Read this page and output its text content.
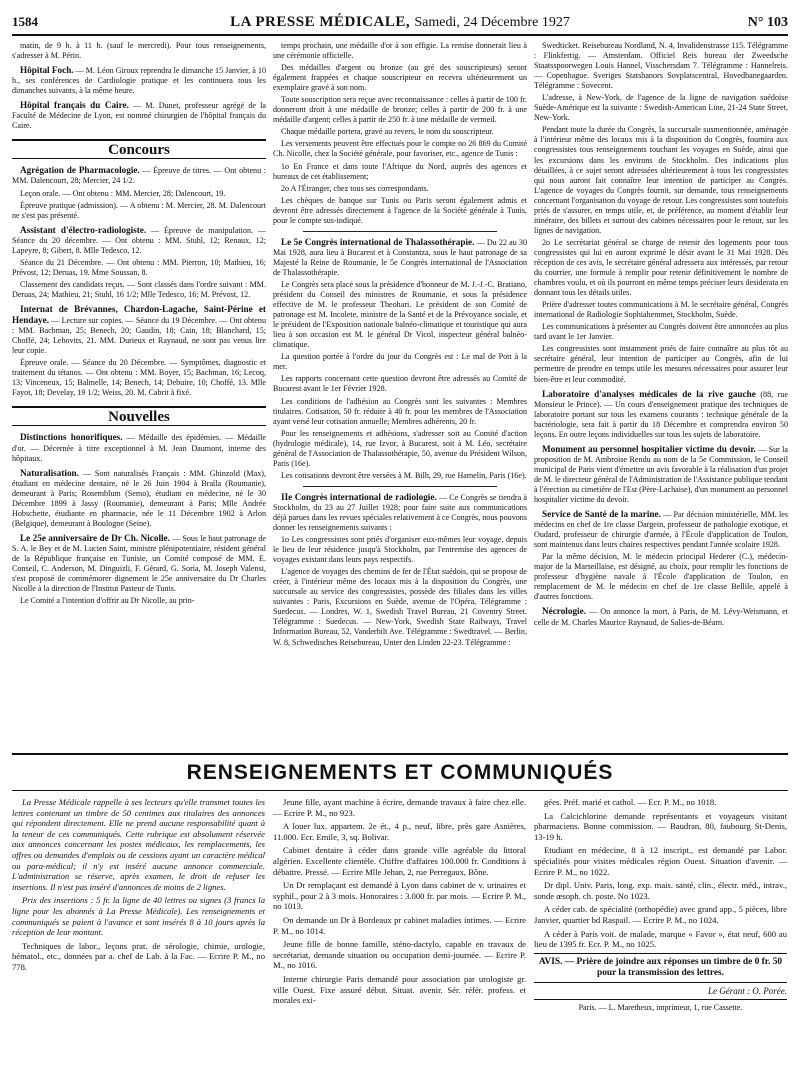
1584	LA PRESSE MÉDICALE, Samedi, 24 Décembre 1927	N° 103

matin, de 9 h. à 11 h. (sauf le mercredi). Pour tous renseignements, s'adresser à M. Périn.

Hôpital Foch. — M. Léon Giroux reprendra le dimanche 15 Janvier, à 10 h., ses conférences de Cardiologie pratique et les continuera tous les dimanches suivants, à la même heure.

Hôpital français du Caire. — M. Dunet, professeur agrégé de la Faculté de Médecine de Lyon, est nommé chirurgien de l'hôpital français du Caire.

Concours

Agrégation de Pharmacologie. — Épreuve de titres. — Ont obtenu : MM. Dalencourt, 28; Mercier, 24 1/2.

Leçon orale. — Ont obtenu : MM. Mercier, 28; Dalencourt, 19.

Épreuve pratique (admission). — A obtenu : M. Mercier, 28. M. Dalencourt ne s'est pas présenté.

Assistant d'électro-radiologiste. — Épreuve de manipulation. — Séance du 20 décembre. — Ont obtenu : MM. Stuhl, 12; Renaux, 12; Lapeyre, 8; Gibert, 8. Mlle Tedesco, 12.

Séance du 21 Décembre. — Ont obtenu : MM. Pierron, 10; Mathieu, 16; Prévost, 12; Deruas, 19. Mme Soussan, 8.

Classement des candidats reçus. — Sont classés dans l'ordre suivant : MM. Deruas, 24; Mathieu, 21; Stuhl, 16 1/2; Mlle Tedesco, 16; M. Prévost, 12.

Internat de Brévannes, Chardon-Lagache, Saint-Périne et Hendaye. — Lecture sur copies. — Séance du 19 Décembre. — Ont obtenu : MM. Bachman, 25; Benech, 20; Gaudin, 18; Cain, 18; Blanchard, 15; Choffé, 24; Lebovits, 21. MM. Durieux et Raynaud, ne sont pas venus lire leur copie.

Épreuve orale. — Séance du 20 Décembre. — Symptômes, diagnostic et traitement du tétanos. — Ont obtenu : MM. Boyer, 15; Bachman, 16; Lecoq, 13; Vinceneux, 15; Balmelle, 14; Benech, 14; Debuire, 10; Choffé, 13. Mlle Fayot, 18; Develay, 19 1/2; Weiss, 20. M. Cabrit à fixé.

Nouvelles

Distinctions honorifiques. — Médaille des épidémies. — Médaille d'or. — Décernée à titre exceptionnel à M. Jean Daumont, interne des hôpitaux.

Naturalisation. — Sont naturalisés Français : MM. Ghinzold (Max), étudiant en médecine dentaire, né le 26 Juin 1904 à Braïla (Roumanie), demeurant à Paris; Rosemblum (Semo), étudiant en médecine, né le 30 Décembre 1899 à Jassy (Roumanie), demeurant à Paris; Mlle Andrée Hobschette, étudiante en pharmacie, née le 11 Décembre 1902 à Arlon (Belgique), demeurant à Boulogne (Seine).

Le 25e anniversaire de Dr Ch. Nicolle. — Sous le haut patronage de S. A. le Bey et de M. Lucien Saint, ministre plénipotentiaire, résident général de la République française en Tunisie, un Comité composé de MM. E. Conseil, C. Anderson, M. Dinguizli, F. Gérard, G. Soria, M. Joseph Valensi, s'est proposé de commémorer dignement le 25e anniversaire du Dr Charles Nicolle à la direction de l'Institut Pasteur de Tunis.

Le Comité a l'intention d'offrir au Dr Nicolle, au prin-

temps prochain, une médaille d'or à son effigie. La remise donnerait lieu à une cérémonie officielle.

Des médailles d'argent ou bronze (au gré des souscripteurs) seront également frappées et chaque souscripteur en recevra ultérieurement un exemplaire gravé à son nom.

Toute souscription sera reçue avec reconnaissance : celles à partir de 100 fr. donneront droit à une médaille de bronze; celles à partir de 200 fr. à une médaille d'argent; celles à partir de 250 fr. à une médaille de vermeil.

Chaque médaille portera, gravé au revers, le nom du souscripteur.

Les versements peuvent être effectués pour le compte no 26 869 du Comité Ch. Nicolle, chez la Société générale, pour favoriser, etc., agence de Tunis :

1o En France et dans toute l'Afrique du Nord, auprès des agences et bureaux de cet établissement;

2o A l'Étranger, chez tous ses correspondants.

Les chèques de banque sur Tunis ou Paris seront également admis et devront être adressés directement à l'agence de la Société générale à Tunis, pour le compte sus-indiqué.

Le 5e Congrès international de Thalassothérapie. — Du 22 au 30 Mai 1928, aura lieu à Bucarest et à Constantza, sous le haut patronage de sa Majesté la Reine de Roumanie, le 5e Congrès international de l'Association de Thalassothérapie.

Le Congrès sera placé sous la présidence d'honneur de M. J.-J.-C. Bratiano, président du Conseil des ministres de Roumanie, et sous la présidence effective de M. le professeur Theohari. Le président de son Comité de patronage est M. Incolete, ministre de la Santé et de la Prévoyance sociale, et le président de l'Exposition nationale balnéo-climatique et touristique qui aura lieu à son occasion est M. le général Dr Vicol, inspecteur général balnéo-climatique.

La question portée à l'ordre du jour du Congrès est : Le mal de Pott à la mer.

Les rapports concernant cette question devront être adressés au Comité de Bucarest avant le 1er Février 1928.

Les conditions de l'adhésion au Congrès sont les suivantes : Membres titulaires. Cotisation, 50 fr. réduite à 40 fr. pour les membres de l'Association ayant versé leur cotisation annuelle; Membres adhérents, 20 fr.

Pour les renseignements et adhésions, s'adresser soit au Comité d'action (hydrologie médicale), 14, rue Izvor, à Bucarest, soit à M. Léo, secrétaire général de l'Association de Thalassothérapie, 50, avenue du Président Wilson, Paris (16e).

Les cotisations devront être versées à M. Bilh, 29, rue Hamelin, Paris (16e).

IIe Congrès international de radiologie. — Ce Congrès se tiendra à Stockholm, du 23 au 27 Juillet 1928; pour faire suite aux communications déjà parues dans les revues spéciales relativement à ce Congrès, nous pouvons donner les renseignements suivants :

1o Les congressistes sont priés d'organiser eux-mêmes leur voyage, depuis le lieu de leur résidence jusqu'à Stockholm, par l'entremise des agences de voyages existant dans leurs pays respectifs.

L'agence de voyages des chemins de fer de l'État suédois, qui se propose de créer, à l'intérieur même des locaux mis à la disposition du Congrès, une succursale au service des congressistes, possède des filiales dans les villes suivantes : Paris, Excursions en Suède, avenue de l'Opéra, Télégramme : Suedecus. — Londres, W. 1, Swedish Travel Bureau, 21 Coventry Street. Télégramme : Suedecus. — New-York, Swedish State Railways, Travel Information Bureau, 52, Vanderbilt Ave. Télégramme : Swedtravel. — Berlin, W. 8, Schwedisches Reisebureau, Unter den Linden 22-23. Télégramme :

Swedticket. Reisebureau Nordland, N. 4, Invalidenstrasse 115. Télégramme : Flinkfertig. — Amsterdam. Officiel Reis bureau der Zweedsche Staatsspoorwegen Louis Hannel, Visschersdam 7. Télégramme : Hannelreis. — Copenhague. Sveriges Statsbanors Sovplatscentral, Hovedbanegaarden. Télégramme : Sovecent.

L'adresse, à New-York, de l'agence de la ligne de navigation suédoise Suède-Amérique est la suivante : Swedish-American Line, 21-24 State Street, New-York.

Pendant toute la durée du Congrès, la succursale susmentionnée, aménagée à l'intérieur même des locaux mis à la disposition du Congrès, fournira aux congressistes tous renseignements touchant les voyages en Suède, ainsi que les excursions dans les environs de Stockholm. Des indications plus détaillées, à ce sujet seront adressées ultérieurement à tous les congressistes qui nous auront fait connaître leur intention de participer au Congrès. L'agence de voyages du Congrès fournit, sur demande, tous renseignements concernant l'organisation du voyage de retour. Les congressistes sont toutefois priés de s'assurer, en temps utile, et, de préférence, au moment d'établir leur itinéraire, des billets et surtout des cabines nécessaires pour le retour, sur les lignes de navigation.

2o Le secrétariat général se charge de retenir des logements pour tous congressistes qui lui en auront exprimé le désir avant le 31 Mai 1928. Dès réception de ces avis, le secrétaire général adressera aux intéressés, par retour du courrier, une formule à remplir pour retenir définitivement le nombre de chambres voulu, et où ils pourront en même temps préciser leurs desiderata en donnant tous les détails utiles.

Prière d'adresser toutes communications à M. le secrétaire général, Congrès international de Radiologie Sophiahemmet, Stockholm, Suède.

Les communications à présenter au Congrès doivent être annoncées au plus tard avant le 1er Janvier.

Les congressistes sont instamment priés de faire connaître au plus tôt au secrétaire général, leur intention de participer au Congrès, afin de lui permettre de prendre en temps utile les mesures nécessaires pour assurer leur bien-être et leur commodité.

Laboratoire d'analyses médicales de la rive gauche (88, rue Monsieur le Prince). — Un cours d'enseignement pratique des techniques de laboratoire portant sur tous les examens courants : technique générale de la bactériologie, sera fait à partir du 18 Décembre et comprendra environ 50 leçons. En outre leçons individuelles sur tous les sujets de laboratoire.

Monument au personnel hospitalier victime du devoir. — Sur la proposition de M. Ambroise Rendu au nom de la 5e Commission, le Conseil municipal de Paris vient d'émettre un avis favorable à la réalisation d'un projet de M. le directeur général de l'Administration de l'Assistance publique tendant à l'érection au cimetière de l'Est (Père-Lachaise), d'un monument au personnel hospitalier victime du devoir.

Service de Santé de la marine. — Par décision ministérielle, MM. les médecins en chef de 1re classe Dargein, professeur de pathologie exotique, et Oudard, professeur de chirurgie d'armée, à l'École d'application de Toulon, sont maintenus dans leurs chaires respectives pendant l'année scolaire 1928.

Par la même décision, M. le médecin principal Hederer (C.), médecin-major de la Marseillaise, est désigné, au choix, pour remplir les fonctions de professeur d'hygiène navale à l'École d'application de Toulon, en remplacement de M. le médecin en chef de 1re classe Bellile, appelé à d'autres fonctions.

Nécrologie. — On annonce la mort, à Paris, de M. Lévy-Weismann, et celle de M. Charles Maurice Raynaud, de Salies-de-Béarn.

RENSEIGNEMENTS ET COMMUNIQUÉS

La Presse Médicale rappelle à ses lecteurs qu'elle transmet toutes les lettres contenant un timbre de 50 centimes aux titulaires des annonces qui répondent directement. Elle ne prend aucune responsabilité quant à la teneur de ces communiqués. Cette rubrique est absolument réservée aux annonces concernant les postes médicaux, les remplacements, les offres ou demandes d'emplois ou de cessions ayant un caractère médical ou para-médical; il n'y est inséré aucune annonce commerciale. L'administration se réserve, après examen, le droit de refuser les insertions. Il n'est pas inséré d'annonces de moins de 2 lignes.

Prix des insertions : 5 fr. la ligne de 40 lettres ou signes (3 francs la ligne pour les abonnés à La Presse Médicale). Les renseignements et communiqués se paient à l'avance et sont insérés 8 à 10 jours après la réception de leur montant.

Techniques de labor., leçons prat. de sérologie, chimie, urologie, hématol., etc., données par a. chef de Lab. à la Fac. — Ecrire P. M., no 778.

Jeune fille, ayant machine à écrire, demande travaux à faire chez elle. — Ecrire P. M., no 923.

A louer lux. appartem. 2e ét., 4 p., neuf, libre, près gare Asnières, 11.000. Ecr. Emile, 3, sq. Bolivar.

Cabinet dentaire à céder dans grande ville agréable du littoral algérien. Excellente clientèle. Chiffre d'affaires 100.000 fr. Conditions à débattre. Pressé. — Ecrire Mlle Jehan, 2, rue Perregaux, Bône.

Un Dr remplaçant est demandé à Lyon dans cabinet de v. urinaires et syphil., pour 2 à 3 mois. Honoraires : 3.000 fr. par mois. — Ecrire P. M., no 1013.

On demande un Dr à Bordeaux pr cabinet maladies intimes. — Ecrire P. M., no 1014.

Jeune fille de bonne famille, sténo-dactylo, capable en travaux de secrétariat, demande situation ou occupation demi-journée. — Ecrire P. M., no 1016.

Interne chirurgie Paris demandé pour association par urologiste gr. ville Ouest. Fixe assuré début. Situat. avenir. Sér. référ. profess. et morales exi-

gées. Préf. marié et cathol. — Ecr. P. M., no 1018.

La Calcichlorine demande représentants et voyageurs visitant pharmaciens. Bonne commission. — Baudran, 80, faubourg St-Denis, 13-19 h.

Etudiant en médecine, 8 à 12 inscript., est demandé par Labor. spécialités pour visites médicales région Ouest. Situation d'avenir. — Ecrire P. M., no 1022.

Dr dipl. Univ. Paris, long. exp. mais. santé, clin., électr. méd., intrav., sonde œsoph. ch. poste. No 1023.

A céder cab. de spécialité (orthopédie) avec grand app., 5 pièces, libre Janvier, quartier bd Raspail. — Ecrire P. M., no 1024.

A céder à Paris voit. de malade, marque « Favor », état neuf, 600 au lieu de 1395 fr. Ecr. P. M., no 1025.

AVIS. — Prière de joindre aux réponses un timbre de 0 fr. 50 pour la transmission des lettres.

Le Gérant : O. Porée.

Paris. — L. Maretheux, imprimeur, 1, rue Cassette.
